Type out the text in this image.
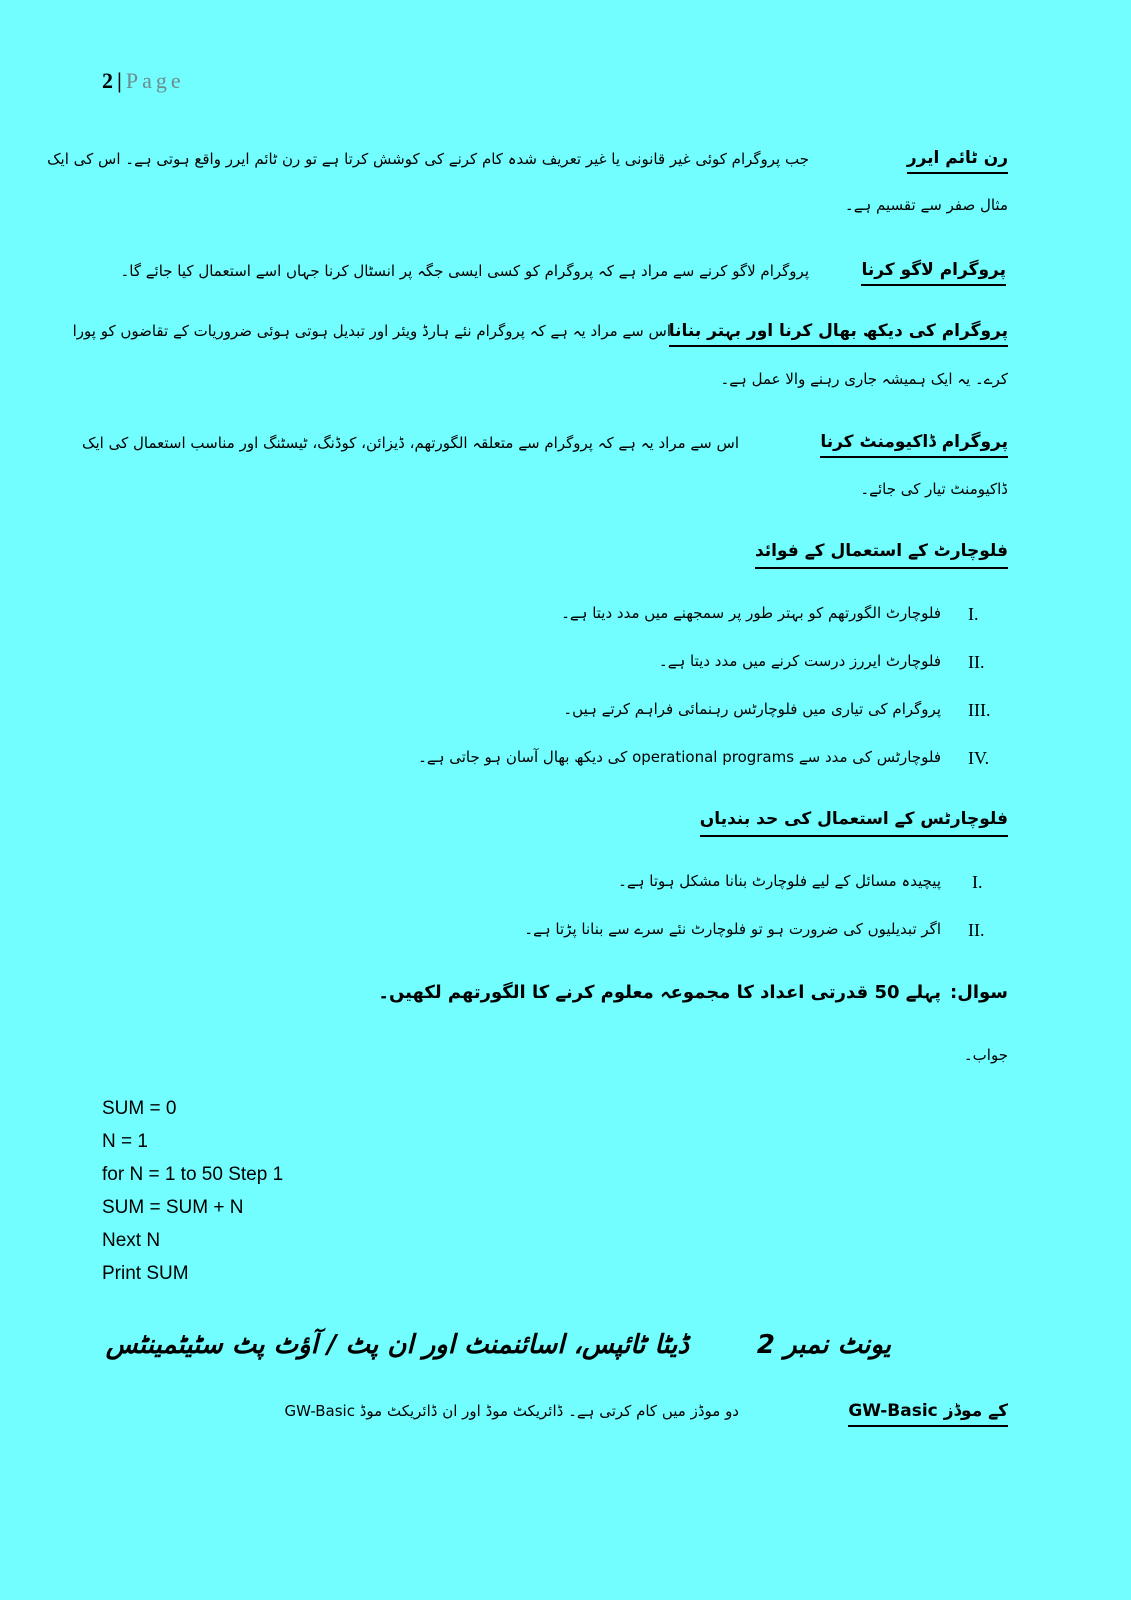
2 | Page
رن ٹائم ایرر
جب پروگرام کوئی غیر قانونی یا غیر تعریف شدہ کام کرنے کی کوشش کرتا ہے تو رن ٹائم ایرر واقع ہوتی ہے۔ اس کی ایک
مثال صفر سے تقسیم ہے۔
پروگرام لاگو کرنا
پروگرام لاگو کرنے سے مراد ہے کہ پروگرام کو کسی ایسی جگہ پر انسٹال کرنا جہاں اسے استعمال کیا جائے گا۔
پروگرام کی دیکھ بھال کرنا اور بہتر بنانا
اس سے مراد یہ ہے کہ پروگرام نئے ہارڈ ویئر اور تبدیل ہوتی ہوئی ضروریات کے تقاضوں کو پورا
کرے۔ یہ ایک ہمیشہ جاری رہنے والا عمل ہے۔
پروگرام ڈاکیومنٹ کرنا
اس سے مراد یہ ہے کہ پروگرام سے متعلقہ الگورتھم، ڈیزائن، کوڈنگ، ٹیسٹنگ اور مناسب استعمال کی ایک
ڈاکیومنٹ تیار کی جائے۔
فلوچارٹ کے استعمال کے فوائد
I.
فلوچارٹ الگورتھم کو بہتر طور پر سمجھنے میں مدد دیتا ہے۔
II.
فلوچارٹ ایررز درست کرنے میں مدد دیتا ہے۔
III.
پروگرام کی تیاری میں فلوچارٹس رہنمائی فراہم کرتے ہیں۔
IV.
فلوچارٹس کی مدد سے operational programs کی دیکھ بھال آسان ہو جاتی ہے۔
فلوچارٹس کے استعمال کی حد بندیاں
I.
پیچیدہ مسائل کے لیے فلوچارٹ بنانا مشکل ہوتا ہے۔
II.
اگر تبدیلیوں کی ضرورت ہو تو فلوچارٹ نئے سرے سے بنانا پڑتا ہے۔
سوال:
پہلے 50 قدرتی اعداد کا مجموعہ معلوم کرنے کا الگورتھم لکھیں۔
جواب۔
SUM = 0
N = 1
for N = 1 to 50 Step 1
SUM = SUM + N
Next N
Print SUM
یونٹ نمبر 2
ڈیٹا ٹائپس، اسائنمنٹ اور ان پٹ / آؤٹ پٹ سٹیٹمینٹس
GW-Basic کے موڈز
GW-Basic دو موڈز میں کام کرتی ہے۔ ڈائریکٹ موڈ اور ان ڈائریکٹ موڈ
